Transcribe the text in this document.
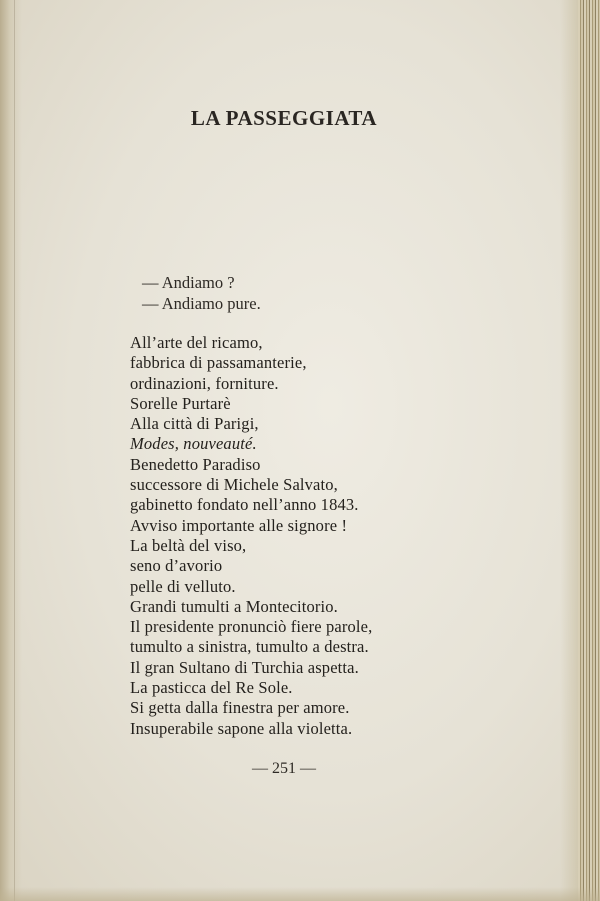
LA PASSEGGIATA
— Andiamo ?
— Andiamo pure.
All’arte del ricamo,
fabbrica di passamanterie,
ordinazioni, forniture.
Sorelle Purtarè
Alla città di Parigi,
Modes, nouveauté.
Benedetto Paradiso
successore di Michele Salvato,
gabinetto fondato nell’anno 1843.
Avviso importante alle signore !
La beltà del viso,
seno d’avorio
pelle di velluto.
Grandi tumulti a Montecitorio.
Il presidente pronunciò fiere parole,
tumulto a sinistra, tumulto a destra.
Il gran Sultano di Turchia aspetta.
La pasticca del Re Sole.
Si getta dalla finestra per amore.
Insuperabile sapone alla violetta.
— 251 —
